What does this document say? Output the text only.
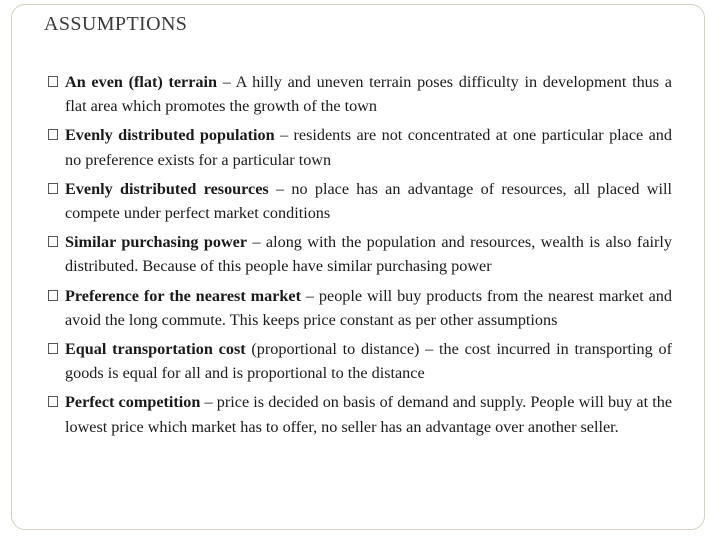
ASSUMPTIONS
An even (flat) terrain – A hilly and uneven terrain poses difficulty in development thus a flat area which promotes the growth of the town
Evenly distributed population – residents are not concentrated at one particular place and no preference exists for a particular town
Evenly distributed resources – no place has an advantage of resources, all placed will compete under perfect market conditions
Similar purchasing power – along with the population and resources, wealth is also fairly distributed. Because of this people have similar purchasing power
Preference for the nearest market – people will buy products from the nearest market and avoid the long commute. This keeps price constant as per other assumptions
Equal transportation cost (proportional to distance) – the cost incurred in transporting of goods is equal for all and is proportional to the distance
Perfect competition – price is decided on basis of demand and supply. People will buy at the lowest price which market has to offer, no seller has an advantage over another seller.
